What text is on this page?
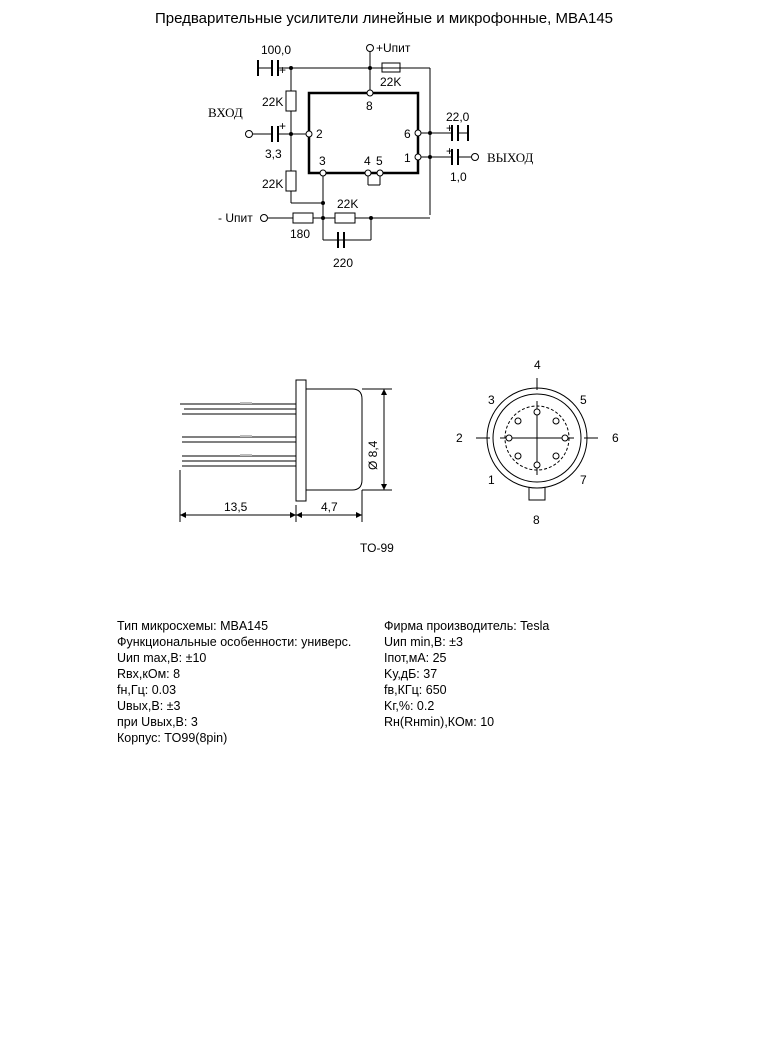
Предварительные усилители линейные и микрофонные, MBA145
100,0
+
+Uпит
22K
22K
22K
ВХОД
3,3
+
8
2	6
1
3	4 5
22,0
+
+	ВЫХОД
1,0
- Uпит
180
22K
220
Ø 8,4
13,5	4,7
4
3	5
2	6
1	7
8
TO-99
Тип микросхемы: MBA145
Функциональные особенности: универс.
Uип max,B: ±10
Rвх,кОм: 8
fн,Гц: 0.03
Uвых,B: ±3
при Uвых,B: 3
Корпус: TO99(8pin)
Фирма производитель: Tesla
Uип min,B: ±3
Iпот,мА: 25
Kу,дБ: 37
fв,КГц: 650
Kг,%: 0.2
Rн(Rнmin),КОм: 10
